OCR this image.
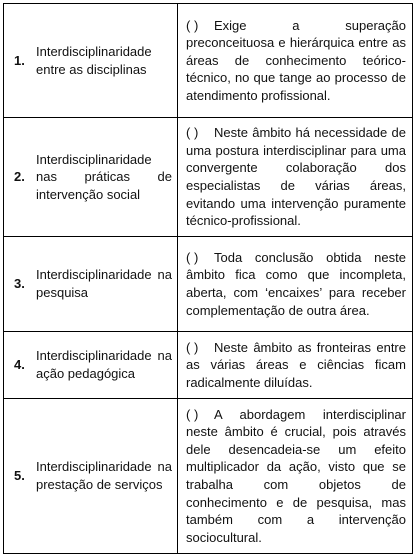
1.
Interdisciplinaridade entre as disciplinas	( ) Exige a superação preconceituosa e hierárquica entre as áreas de conhecimento teórico-técnico, no que tange ao processo de atendimento profissional.

2.
Interdisciplinaridade nas práticas de intervenção social	( ) Neste âmbito há necessidade de uma postura interdisciplinar para uma convergente colaboração dos especialistas de várias áreas, evitando uma intervenção puramente técnico-profissional.

3.
Interdisciplinaridade na pesquisa	( ) Toda conclusão obtida neste âmbito fica como que incompleta, aberta, com ‘encaixes’ para receber complementação de outra área.

4.
Interdisciplinaridade na ação pedagógica	( ) Neste âmbito as fronteiras entre as várias áreas e ciências ficam radicalmente diluídas.

5.
Interdisciplinaridade na prestação de serviços	( ) A abordagem interdisciplinar neste âmbito é crucial, pois através dele desencadeia-se um efeito multiplicador da ação, visto que se trabalha com objetos de conhecimento e de pesquisa, mas também com a intervenção sociocultural.
